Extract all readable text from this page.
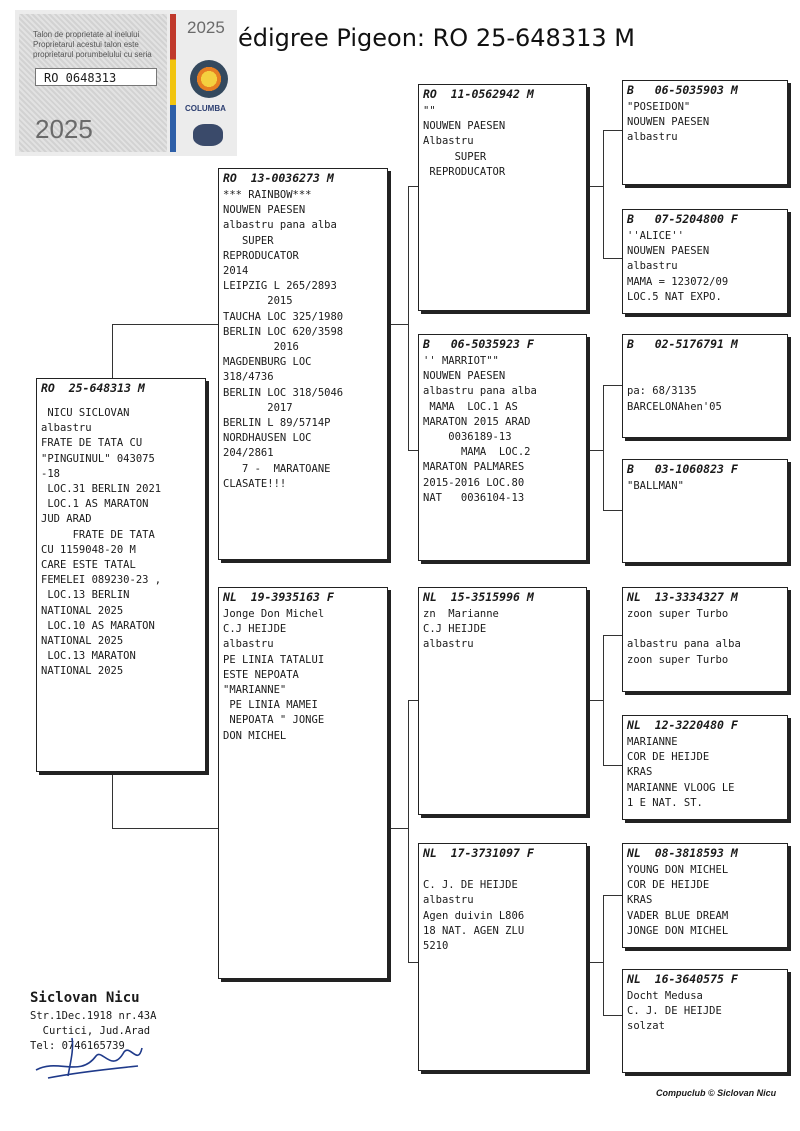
édigree Pigeon: RO 25-648313 M
Talon de proprietate al inelului
Proprietarul acestui talon este
proprietarul porumbelului cu seria
RO 0648313
2025
2025
COLUMBA
RO  25-648313 M
NICU SICLOVAN
albastru
FRATE DE TATA CU
"PINGUINUL" 043075
-18
LOC.31 BERLIN 2021
LOC.1 AS MARATON
JUD ARAD
FRATE DE TATA
CU 1159048-20 M
CARE ESTE TATAL
FEMELEI 089230-23 ,
LOC.13 BERLIN
NATIONAL 2025
LOC.10 AS MARATON
NATIONAL 2025
LOC.13 MARATON
NATIONAL 2025
RO  13-0036273 M
*** RAINBOW***
NOUWEN PAESEN
albastru pana alba
SUPER
REPRODUCATOR
2014
LEIPZIG L 265/2893
2015
TAUCHA LOC 325/1980
BERLIN LOC 620/3598
2016
MAGDENBURG LOC
318/4736
BERLIN LOC 318/5046
2017
BERLIN L 89/5714P
NORDHAUSEN LOC
204/2861
7 -  MARATOANE
CLASATE!!!
NL  19-3935163 F
Jonge Don Michel
C.J HEIJDE
albastru
PE LINIA TATALUI
ESTE NEPOATA
"MARIANNE"
PE LINIA MAMEI
NEPOATA " JONGE
DON MICHEL
RO  11-0562942 M
""
NOUWEN PAESEN
Albastru
SUPER
REPRODUCATOR
B   06-5035923 F
'' MARRIOT""
NOUWEN PAESEN
albastru pana alba
MAMA  LOC.1 AS
MARATON 2015 ARAD
0036189-13
MAMA  LOC.2
MARATON PALMARES
2015-2016 LOC.80
NAT   0036104-13
NL  15-3515996 M
zn  Marianne
C.J HEIJDE
albastru
NL  17-3731097 F

C. J. DE HEIJDE
albastru
Agen duivin L806
18 NAT. AGEN ZLU
5210
B   06-5035903 M
"POSEIDON"
NOUWEN PAESEN
albastru
B   07-5204800 F
''ALICE''
NOUWEN PAESEN
albastru
MAMA = 123072/09
LOC.5 NAT EXPO.
B   02-5176791 M

pa: 68/3135
BARCELONAhen'05
B   03-1060823 F
"BALLMAN"
NL  13-3334327 M
zoon super Turbo

albastru pana alba
zoon super Turbo
NL  12-3220480 F
MARIANNE
COR DE HEIJDE
KRAS
MARIANNE VLOOG LE
1 E NAT. ST.
NL  08-3818593 M
YOUNG DON MICHEL
COR DE HEIJDE
KRAS
VADER BLUE DREAM
JONGE DON MICHEL
NL  16-3640575 F
Docht Medusa
C. J. DE HEIJDE
solzat
Siclovan Nicu
Str.1Dec.1918 nr.43A
Curtici, Jud.Arad
Tel: 0746165739
Compuclub © Siclovan Nicu
